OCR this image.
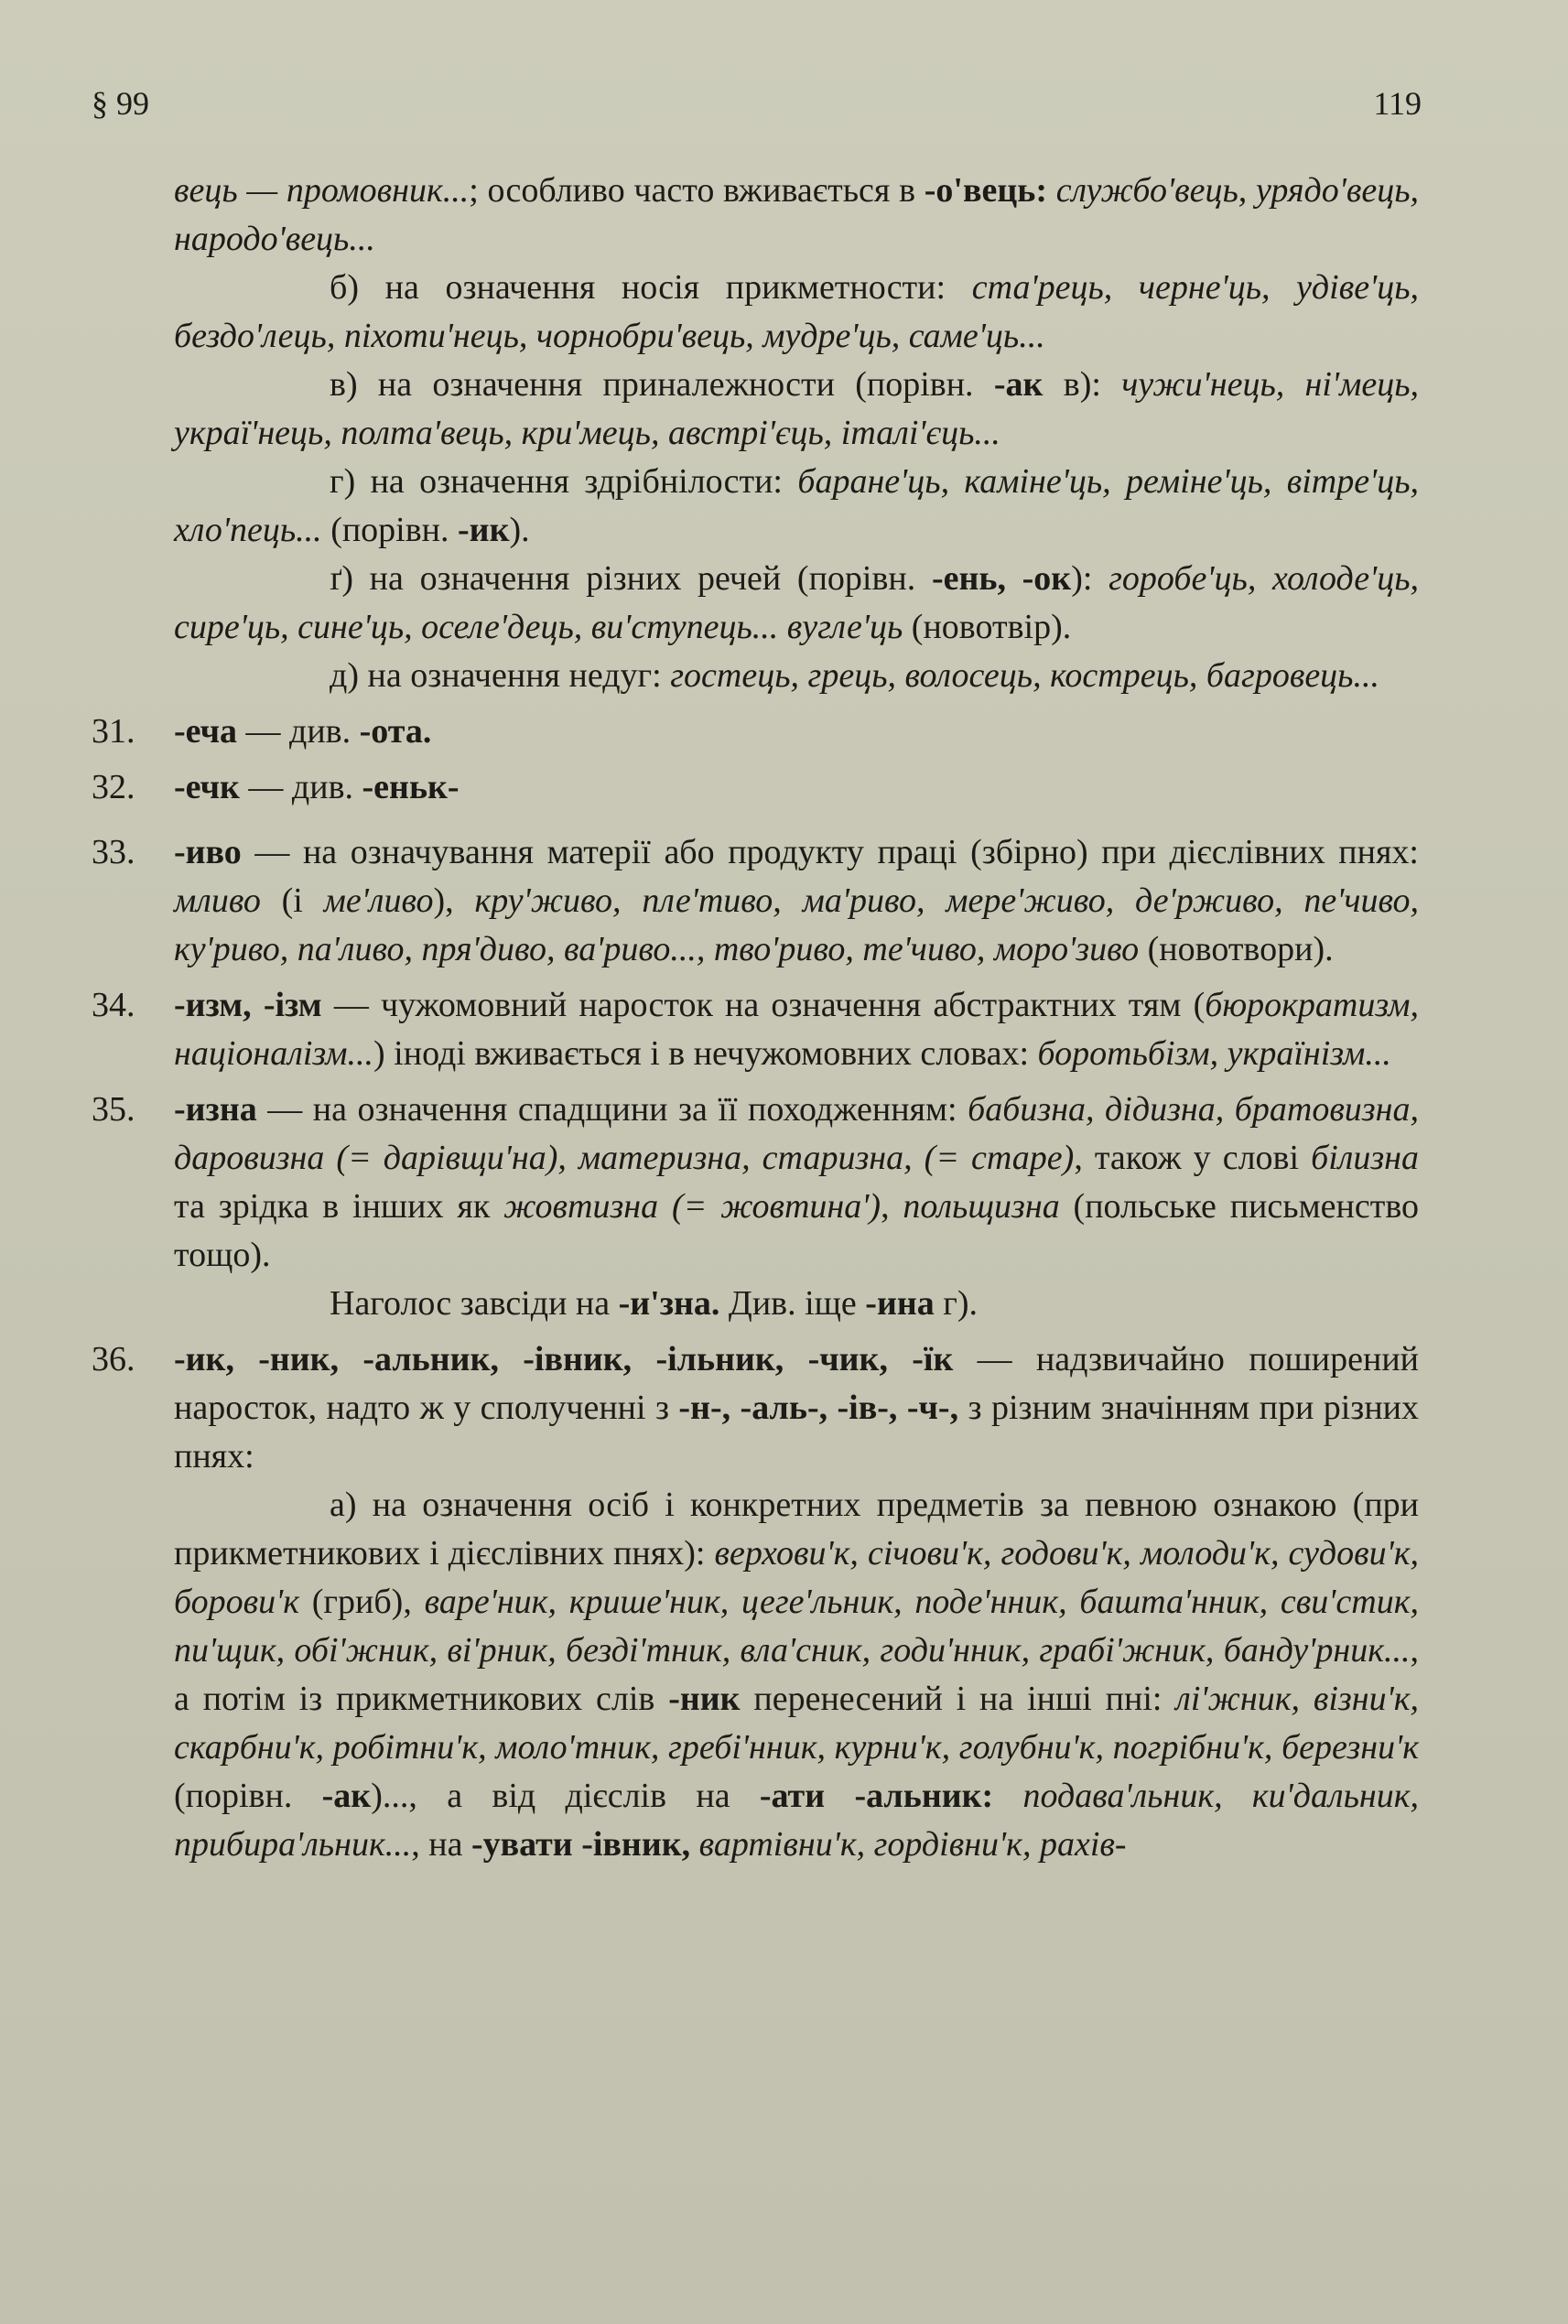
§ 99	119

вець — промовник...; особливо часто вживається в -о'вець: службо'вець, урядо'вець, народо'вець...

б) на означення носія прикметности: ста'рець, черне'ць, удіве'ць, бездо'лець, піхоти'нець, чорнобри'вець, мудре'ць, саме'ць...

в) на означення приналежности (порівн. -ак в): чужи'нець, ні'мець, украї'нець, полта'вець, кри'мець, австрі'єць, італі'єць...

г) на означення здрібнілости: баране'ць, каміне'ць, реміне'ць, вітре'ць, хло'пець... (порівн. -ик).

ґ) на означення різних речей (порівн. -ень, -ок): горобе'ць, холоде'ць, сире'ць, сине'ць, оселе'дець, ви'ступець... вугле'ць (новотвір).

д) на означення недуг: гостець, грець, волосець, кострець, багровець...

31.	-еча — див. -ота.
32.	-ечк — див. -еньк-
33.	-иво — на означування матерії або продукту праці (збірно) при дієслівних пнях: мливо (і ме'ливо), кру'живо, пле'тиво, ма'риво, мере'живо, де'рживо, пе'чиво, ку'риво, па'ливо, пря'диво, ва'риво..., тво'риво, те'чиво, моро'зиво (новотвори).
34.	-изм, -ізм — чужомовний наросток на означення абстрактних тям (бюрократизм, націоналізм...) іноді вживається і в нечужомовних словах: боротьбізм, українізм...
35.	-изна — на означення спадщини за її походженням: бабизна, дідизна, братовизна, даровизна (= дарівщи'на), материзна, старизна, (= старе), також у слові білизна та зрідка в інших як жовтизна (= жовтина'), польщизна (польське письменство тощо).

Наголос завсіди на -и'зна. Див. іще -ина г).

36.	-ик, -ник, -альник, -івник, -ільник, -чик, -їк — надзвичайно поширений наросток, надто ж у сполученні з -н-, -аль-, -ів-, -ч-, з різним значінням при різних пнях:

а) на означення осіб і конкретних предметів за певною ознакою (при прикметникових і дієслівних пнях): верхови'к, січови'к, годови'к, молоди'к, судови'к, борови'к (гриб), варе'ник, крише'ник, цеге'льник, поде'нник, башта'нник, сви'стик, пи'щик, обі'жник, ві'рник, безді'тник, вла'сник, годи'нник, грабі'жник, банду'рник..., а потім із прикметникових слів -ник перенесений і на інші пні: лі'жник, візни'к, скарбни'к, робітни'к, моло'тник, гребі'нник, курни'к, голубни'к, погрібни'к, березни'к (порівн. -ак)..., а від дієслів на -ати -альник: подава'льник, ки'дальник, прибира'льник..., на -увати -івник, вартівни'к, гордівни'к, рахів-
